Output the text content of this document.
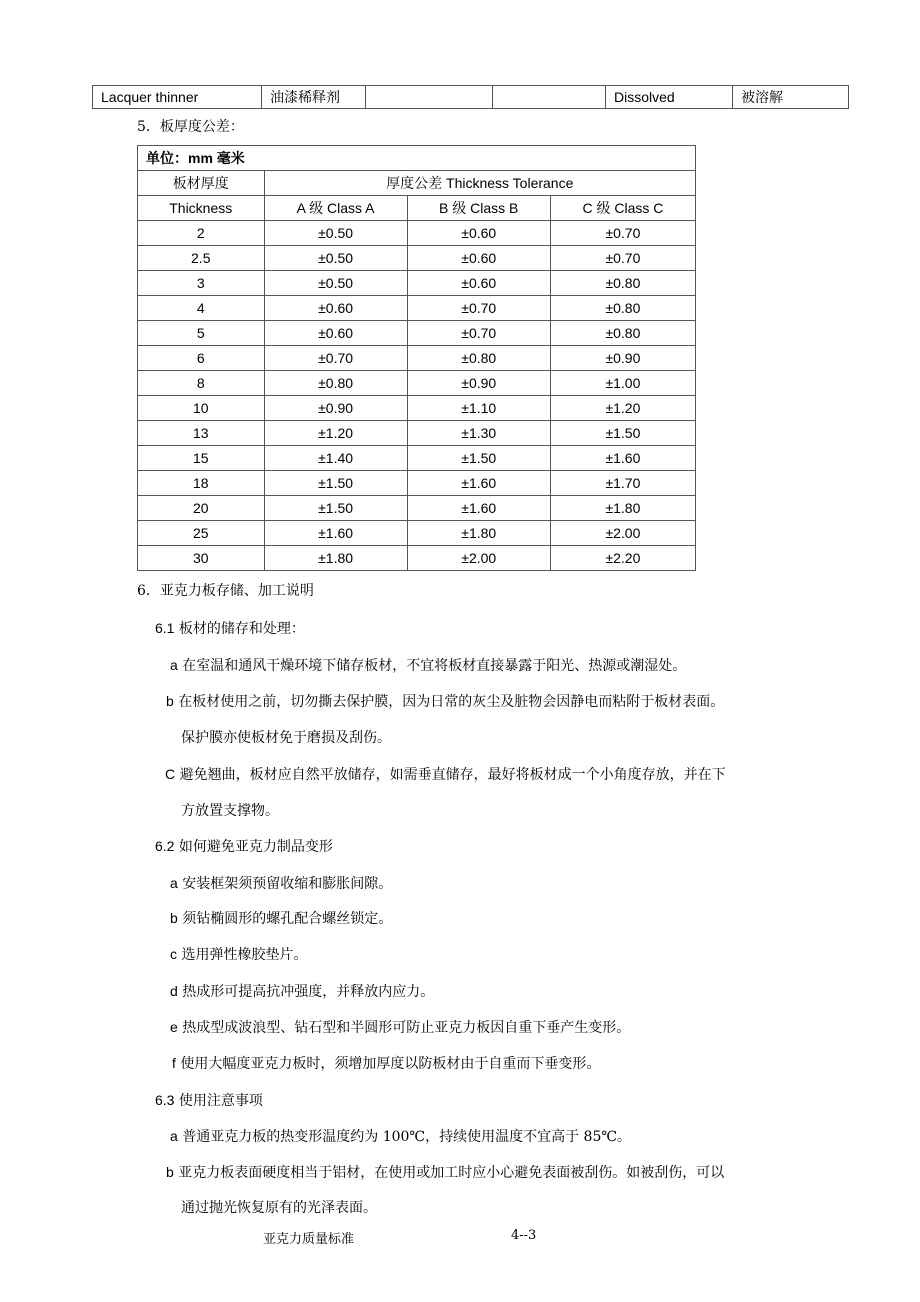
Lacquer thinner	油漆稀释剂			Dissolved	被溶解
5．板厚度公差：
单位：mm 毫米			
板材厚度	厚度公差 Thickness Tolerance		
Thickness	A 级 Class A	B 级 Class B	C 级 Class C
2	±0.50	±0.60	±0.70
2.5	±0.50	±0.60	±0.70
3	±0.50	±0.60	±0.80
4	±0.60	±0.70	±0.80
5	±0.60	±0.70	±0.80
6	±0.70	±0.80	±0.90
8	±0.80	±0.90	±1.00
10	±0.90	±1.10	±1.20
13	±1.20	±1.30	±1.50
15	±1.40	±1.50	±1.60
18	±1.50	±1.60	±1.70
20	±1.50	±1.60	±1.80
25	±1.60	±1.80	±2.00
30	±1.80	±2.00	±2.20
6．亚克力板存储、加工说明
6.1 板材的储存和处理：
a 在室温和通风干燥环境下储存板材，不宜将板材直接暴露于阳光、热源或潮湿处。
b 在板材使用之前，切勿撕去保护膜，因为日常的灰尘及脏物会因静电而粘附于板材表面。
保护膜亦使板材免于磨损及刮伤。
C 避免翘曲，板材应自然平放储存，如需垂直储存，最好将板材成一个小角度存放，并在下
方放置支撑物。
6.2 如何避免亚克力制品变形
a 安装框架须预留收缩和膨胀间隙。
b 须钻椭圆形的螺孔配合螺丝锁定。
c 选用弹性橡胶垫片。
d 热成形可提高抗冲强度，并释放内应力。
e 热成型成波浪型、钻石型和半圆形可防止亚克力板因自重下垂产生变形。
f 使用大幅度亚克力板时，须增加厚度以防板材由于自重而下垂变形。
6.3 使用注意事项
a 普通亚克力板的热变形温度约为 100℃，持续使用温度不宜高于 85℃。
b 亚克力板表面硬度相当于铝材，在使用或加工时应小心避免表面被刮伤。如被刮伤，可以
通过抛光恢复原有的光泽表面。
亚克力质量标准	4--3
